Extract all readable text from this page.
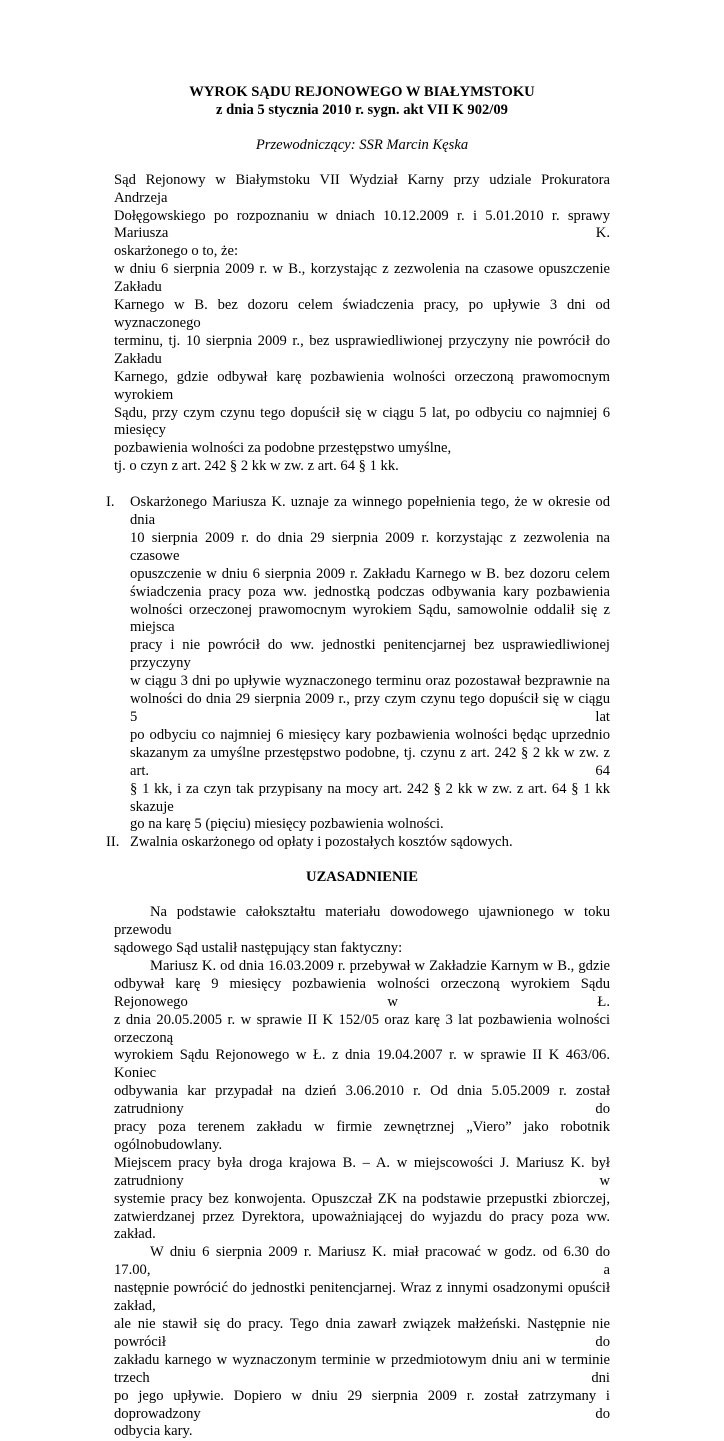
WYROK SĄDU REJONOWEGO W BIAŁYMSTOKU
z dnia 5 stycznia 2010 r. sygn. akt VII K 902/09
Przewodniczący: SSR Marcin Kęska
Sąd Rejonowy w Białymstoku VII Wydział Karny przy udziale Prokuratora Andrzeja
Dołęgowskiego po rozpoznaniu w dniach 10.12.2009 r. i 5.01.2010 r. sprawy Mariusza K.
oskarżonego o to, że:
w dniu 6 sierpnia 2009 r. w B., korzystając z zezwolenia na czasowe opuszczenie Zakładu
Karnego w B. bez dozoru celem świadczenia pracy, po upływie 3 dni od wyznaczonego
terminu, tj. 10 sierpnia 2009 r., bez usprawiedliwionej przyczyny nie powrócił do Zakładu
Karnego, gdzie odbywał karę pozbawienia wolności orzeczoną prawomocnym wyrokiem
Sądu, przy czym czynu tego dopuścił się w ciągu 5 lat, po odbyciu co najmniej 6 miesięcy
pozbawienia wolności za podobne przestępstwo umyślne,
tj. o czyn z art. 242 § 2 kk w zw. z art. 64 § 1 kk.
I.	Oskarżonego Mariusza K. uznaje za winnego popełnienia tego, że w okresie od dnia
10 sierpnia 2009 r. do dnia 29 sierpnia 2009 r. korzystając z zezwolenia na czasowe
opuszczenie w dniu 6 sierpnia 2009 r. Zakładu Karnego w B. bez dozoru celem
świadczenia pracy poza ww. jednostką podczas odbywania kary pozbawienia
wolności orzeczonej prawomocnym wyrokiem Sądu, samowolnie oddalił się z miejsca
pracy i nie powrócił do ww. jednostki penitencjarnej bez usprawiedliwionej przyczyny
w ciągu 3 dni po upływie wyznaczonego terminu oraz pozostawał bezprawnie na
wolności do dnia 29 sierpnia 2009 r., przy czym czynu tego dopuścił się w ciągu 5 lat
po odbyciu co najmniej 6 miesięcy kary pozbawienia wolności będąc uprzednio
skazanym za umyślne przestępstwo podobne, tj. czynu z art. 242 § 2 kk w zw. z art. 64
§ 1 kk, i za czyn tak przypisany na mocy art. 242 § 2 kk w zw. z art. 64 § 1 kk skazuje
go na karę 5 (pięciu) miesięcy pozbawienia wolności.
II. Zwalnia oskarżonego od opłaty i pozostałych kosztów sądowych.
UZASADNIENIE
Na podstawie całokształtu materiału dowodowego ujawnionego w toku przewodu
sądowego Sąd ustalił następujący stan faktyczny:
Mariusz K. od dnia 16.03.2009 r. przebywał w Zakładzie Karnym w B., gdzie
odbywał karę 9 miesięcy pozbawienia wolności orzeczoną wyrokiem Sądu Rejonowego w Ł.
z dnia 20.05.2005 r. w sprawie II K 152/05 oraz karę 3 lat pozbawienia wolności orzeczoną
wyrokiem Sądu Rejonowego w Ł. z dnia 19.04.2007 r. w sprawie II K 463/06. Koniec
odbywania kar przypadał na dzień 3.06.2010 r. Od dnia 5.05.2009 r. został zatrudniony do
pracy poza terenem zakładu w firmie zewnętrznej „Viero” jako robotnik ogólnobudowlany.
Miejscem pracy była droga krajowa B. – A. w miejscowości J. Mariusz K. był zatrudniony w
systemie pracy bez konwojenta. Opuszczał ZK na podstawie przepustki zbiorczej,
zatwierdzanej przez Dyrektora, upoważniającej do wyjazdu do pracy poza ww. zakład.
W dniu 6 sierpnia 2009 r. Mariusz K. miał pracować w godz. od 6.30 do 17.00, a
następnie powrócić do jednostki penitencjarnej. Wraz z innymi osadzonymi opuścił zakład,
ale nie stawił się do pracy. Tego dnia zawarł związek małżeński. Następnie nie powrócił do
zakładu karnego w wyznaczonym terminie w przedmiotowym dniu ani w terminie trzech dni
po jego upływie. Dopiero w dniu 29 sierpnia 2009 r. został zatrzymany i doprowadzony do
odbycia kary.
